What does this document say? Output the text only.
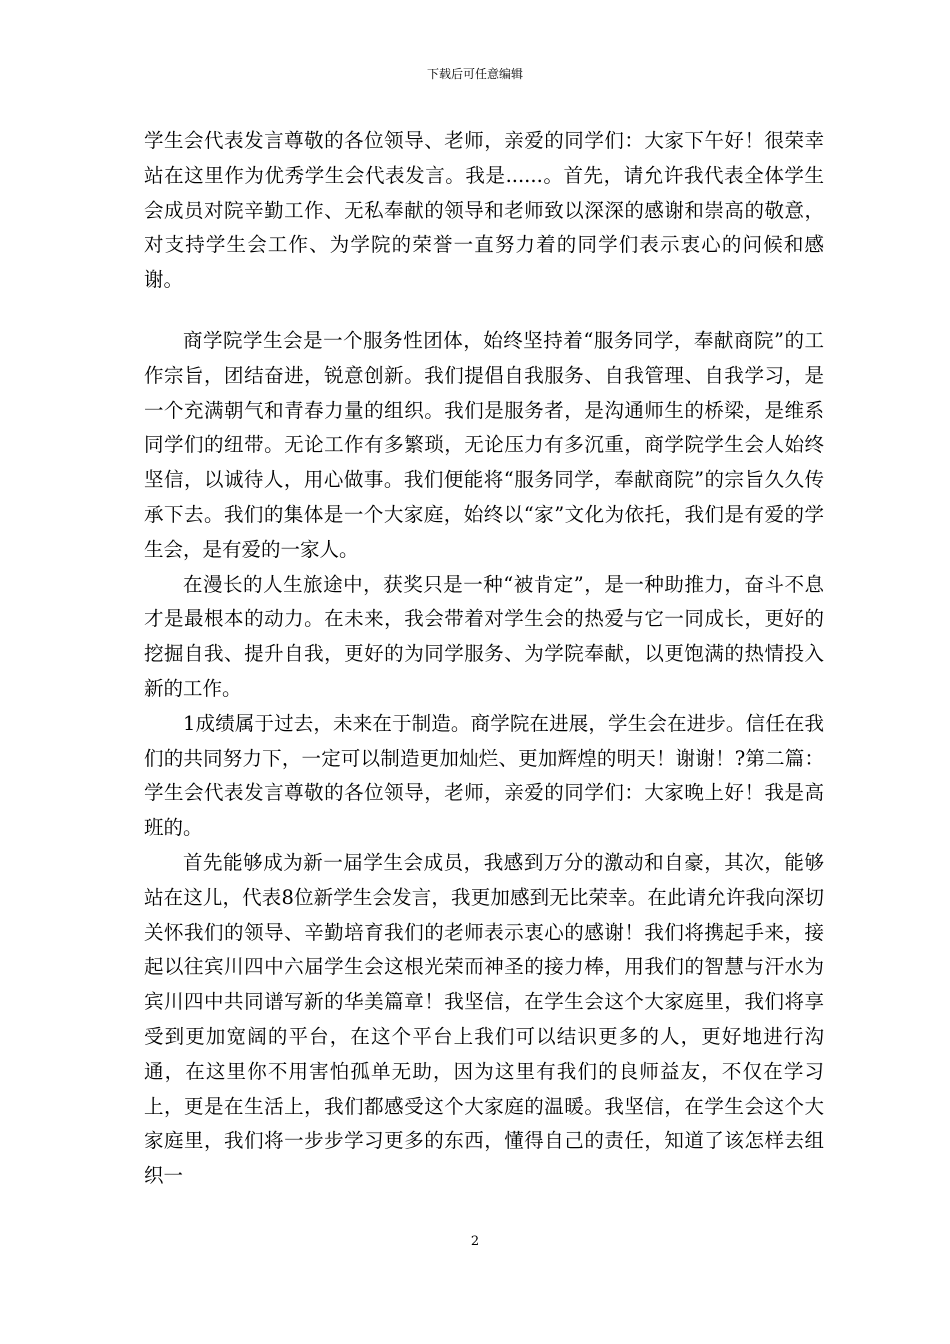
下载后可任意编辑

学生会代表发言尊敬的各位领导、老师，亲爱的同学们：大家下午好！很荣幸站在这里作为优秀学生会代表发言。我是......。首先，请允许我代表全体学生会成员对院辛勤工作、无私奉献的领导和老师致以深深的感谢和崇高的敬意，对支持学生会工作、为学院的荣誉一直努力着的同学们表示衷心的问候和感谢。

商学院学生会是一个服务性团体，始终坚持着“服务同学，奉献商院”的工作宗旨，团结奋进，锐意创新。我们提倡自我服务、自我管理、自我学习，是一个充满朝气和青春力量的组织。我们是服务者，是沟通师生的桥梁，是维系同学们的纽带。无论工作有多繁琐，无论压力有多沉重，商学院学生会人始终坚信，以诚待人，用心做事。我们便能将“服务同学，奉献商院”的宗旨久久传承下去。我们的集体是一个大家庭，始终以“家”文化为依托，我们是有爱的学生会，是有爱的一家人。

在漫长的人生旅途中，获奖只是一种“被肯定”，是一种助推力，奋斗不息才是最根本的动力。在未来，我会带着对学生会的热爱与它一同成长，更好的挖掘自我、提升自我，更好的为同学服务、为学院奉献，以更饱满的热情投入新的工作。

1成绩属于过去，未来在于制造。商学院在进展，学生会在进步。信任在我们的共同努力下，一定可以制造更加灿烂、更加辉煌的明天！谢谢！?第二篇：学生会代表发言尊敬的各位领导，老师，亲爱的同学们：大家晚上好！我是高班的。

首先能够成为新一届学生会成员，我感到万分的激动和自豪，其次，能够站在这儿，代表8位新学生会发言，我更加感到无比荣幸。在此请允许我向深切关怀我们的领导、辛勤培育我们的老师表示衷心的感谢！我们将携起手来，接起以往宾川四中六届学生会这根光荣而神圣的接力棒，用我们的智慧与汗水为宾川四中共同谱写新的华美篇章！我坚信，在学生会这个大家庭里，我们将享受到更加宽阔的平台，在这个平台上我们可以结识更多的人，更好地进行沟通，在这里你不用害怕孤单无助，因为这里有我们的良师益友，不仅在学习上，更是在生活上，我们都感受这个大家庭的温暖。我坚信，在学生会这个大家庭里，我们将一步步学习更多的东西，懂得自己的责任，知道了该怎样去组织一

2
